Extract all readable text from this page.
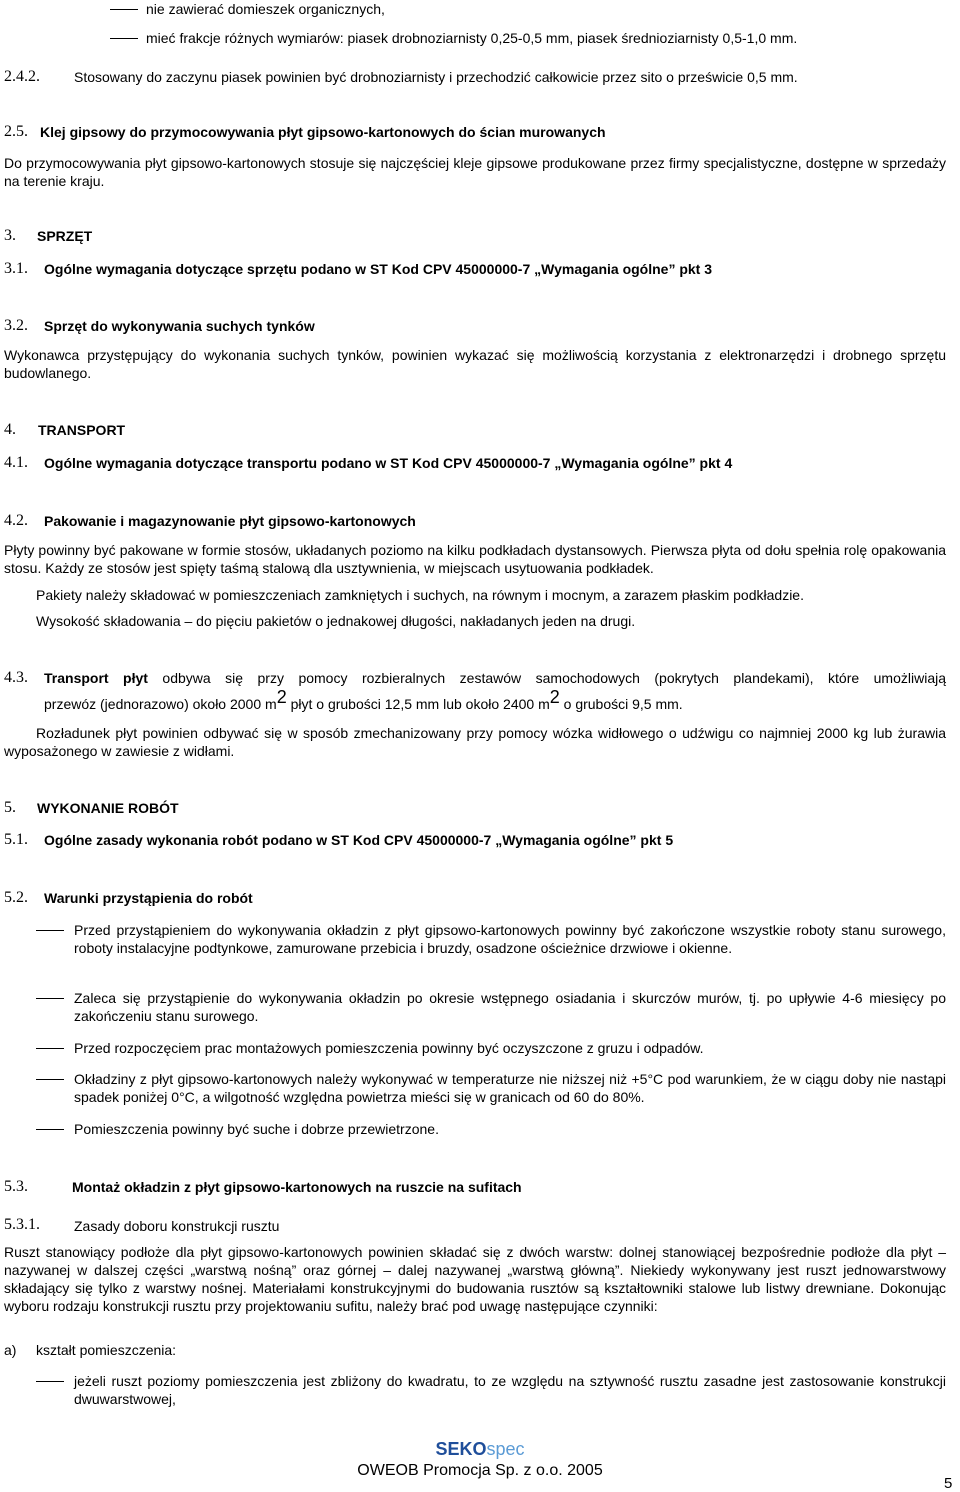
nie zawierać domieszek organicznych,
mieć frakcje różnych wymiarów: piasek drobnoziarnisty 0,25-0,5 mm, piasek średnioziarnisty 0,5-1,0 mm.
2.4.2. Stosowany do zaczynu piasek powinien być drobnoziarnisty i przechodzić całkowicie przez sito o prześwicie 0,5 mm.
2.5. Klej gipsowy do przymocowywania płyt gipsowo-kartonowych do ścian murowanych
Do przymocowywania płyt gipsowo-kartonowych stosuje się najczęściej kleje gipsowe produkowane przez firmy specjalistyczne, dostępne w sprzedaży na terenie kraju.
3. SPRZĘT
3.1. Ogólne wymagania dotyczące sprzętu podano w ST Kod CPV 45000000-7 „Wymagania ogólne” pkt 3
3.2. Sprzęt do wykonywania suchych tynków
Wykonawca przystępujący do wykonania suchych tynków, powinien wykazać się możliwością korzystania z elektronarzędzi i drobnego sprzętu budowlanego.
4. TRANSPORT
4.1. Ogólne wymagania dotyczące transportu podano w ST Kod CPV 45000000-7 „Wymagania ogólne” pkt 4
4.2. Pakowanie i magazynowanie płyt gipsowo-kartonowych
Płyty powinny być pakowane w formie stosów, układanych poziomo na kilku podkładach dystansowych. Pierwsza płyta od dołu spełnia rolę opakowania stosu. Każdy ze stosów jest spięty taśmą stalową dla usztywnienia, w miejscach usytuowania podkładek.
Pakiety należy składować w pomieszczeniach zamkniętych i suchych, na równym i mocnym, a zarazem płaskim podkładzie.
Wysokość składowania – do pięciu pakietów o jednakowej długości, nakładanych jeden na drugi.
4.3. Transport płyt odbywa się przy pomocy rozbieralnych zestawów samochodowych (pokrytych plandekami), które umożliwiają
przewóz (jednorazowo) około 2000 m2 płyt o grubości 12,5 mm lub około 2400 m2 o grubości 9,5 mm.
Rozładunek płyt powinien odbywać się w sposób zmechanizowany przy pomocy wózka widłowego o udźwigu co najmniej 2000 kg lub żurawia wyposażonego w zawiesie z widłami.
5. WYKONANIE ROBÓT
5.1. Ogólne zasady wykonania robót podano w ST Kod CPV 45000000-7 „Wymagania ogólne” pkt 5
5.2. Warunki przystąpienia do robót
Przed przystąpieniem do wykonywania okładzin z płyt gipsowo-kartonowych powinny być zakończone wszystkie roboty stanu surowego, roboty instalacyjne podtynkowe, zamurowane przebicia i bruzdy, osadzone ościeżnice drzwiowe i okienne.
Zaleca się przystąpienie do wykonywania okładzin po okresie wstępnego osiadania i skurczów murów, tj. po upływie 4-6 miesięcy po zakończeniu stanu surowego.
Przed rozpoczęciem prac montażowych pomieszczenia powinny być oczyszczone z gruzu i odpadów.
Okładziny z płyt gipsowo-kartonowych należy wykonywać w temperaturze nie niższej niż +5°C pod warunkiem, że w ciągu doby nie nastąpi spadek poniżej 0°C, a wilgotność względna powietrza mieści się w granicach od 60 do 80%.
Pomieszczenia powinny być suche i dobrze przewietrzone.
5.3.	Montaż okładzin z płyt gipsowo-kartonowych na ruszcie na sufitach
5.3.1. Zasady doboru konstrukcji rusztu
Ruszt stanowiący podłoże dla płyt gipsowo-kartonowych powinien składać się z dwóch warstw: dolnej stanowiącej bezpośrednie podłoże dla płyt – nazywanej w dalszej części „warstwą nośną” oraz górnej – dalej nazywanej „warstwą główną”. Niekiedy wykonywany jest ruszt jednowarstwowy składający się tylko z warstwy nośnej. Materiałami konstrukcyjnymi do budowania rusztów są kształtowniki stalowe lub listwy drewniane. Dokonując wyboru rodzaju konstrukcji rusztu przy projektowaniu sufitu, należy brać pod uwagę następujące czynniki:
a) kształt pomieszczenia:
jeżeli ruszt poziomy pomieszczenia jest zbliżony do kwadratu, to ze względu na sztywność rusztu zasadne jest zastosowanie konstrukcji dwuwarstwowej,
SEKOspec
OWEOB Promocja Sp. z o.o. 2005
5
